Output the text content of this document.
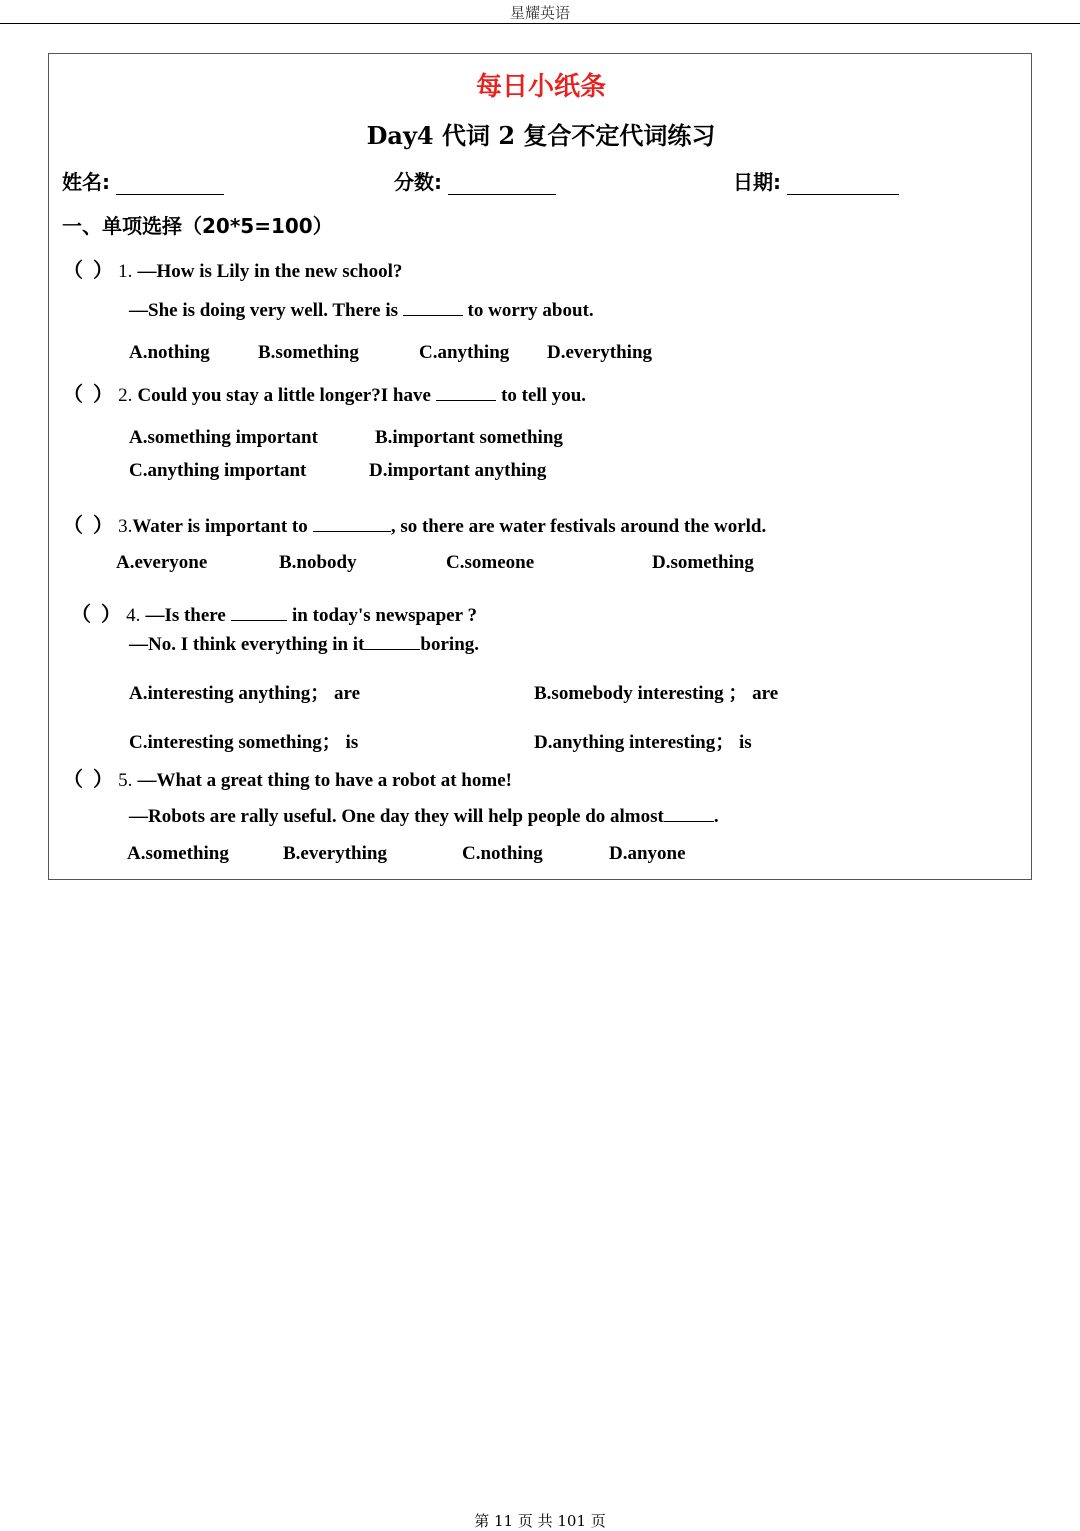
星耀英语
每日小纸条
Day4 代词 2 复合不定代词练习
姓名:	分数:	日期:
一、单项选择（20*5=100）
（ ） 1. —How is Lily in the new school?
—She is doing very well. There is	to worry about.
A.nothing	B.something	C.anything D.everything
（ ） 2. Could you stay a little longer?I have	to tell you.
A.something important	B.important something
C.anything important	D.important anything
（ ） 3.Water is important to	, so there are water festivals around the world.
A.everyone	B.nobody	C.someone	D.something
（ ） 4. —Is there	in today's newspaper ?
—No. I think everything in it	boring.
A.interesting anything； are	B.somebody interesting ； are
C.interesting something； is	D.anything interesting； is
（ ） 5. —What a great thing to have a robot at home!
—Robots are rally useful. One day they will help people do almost	.
A.something	B.everything	C.nothing	D.anyone
第 11 页 共 101 页
